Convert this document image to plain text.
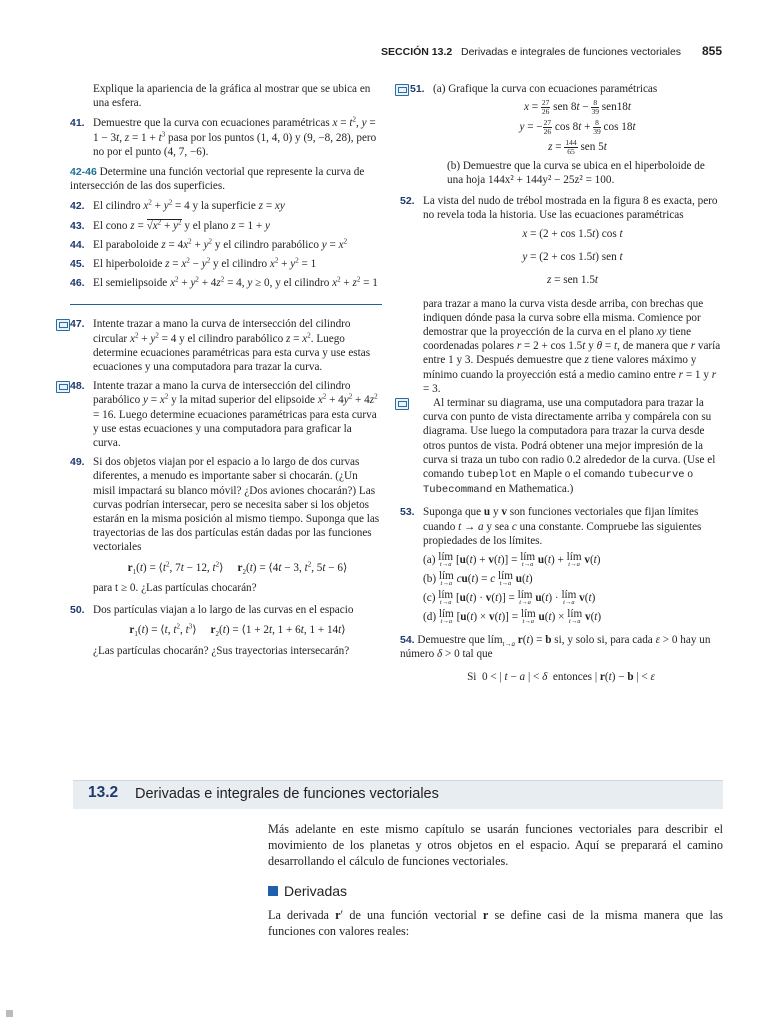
SECCIÓN 13.2 Derivadas e integrales de funciones vectoriales 855
Explique la apariencia de la gráfica al mostrar que se ubica en una esfera.
41. Demuestre que la curva con ecuaciones paramétricas $x = t^2$, y = 1 − 3t, $z = 1 + t^3$ pasa por los puntos (1, 4, 0) y (9, −8, 28), pero no por el punto (4, 7, −6).
42-46 Determine una función vectorial que represente la curva de intersección de las dos superficies.
42. El cilindro $x^2 + y^2 = 4$ y la superficie z = xy
43. El cono $z = √x^2 + y^2$ y el plano z = 1 + y
44. El paraboloide $z = 4x^2 + y^2$ y el cilindro parabólico $y = x^2$
45. El hiperboloide $z = x^2 - y^2$ y el cilindro $x^2 + y^2 = 1$
46. El semielipsoide $x^2 + y^2 + 4z^2 = 4$, y ≥ 0, y el cilindro $x^2 + z^2 = 1$
47. Intente trazar a mano la curva de intersección del cilindro circular $x^2 + y^2 = 4$ y el cilindro parabólico $z = x^2$. Luego determine ecuaciones paramétricas para esta curva y use estas ecuaciones y una computadora para trazar la curva.
48. Intente trazar a mano la curva de intersección del cilindro parabólico $y = x^2$ y la mitad superior del elipsoide $x^2 + 4y^2 + 4z^2 = 16$. Luego determine ecuaciones paramétricas para esta curva y use estas ecuaciones y una computadora para graficar la curva.
49. Si dos objetos viajan por el espacio a lo largo de dos curvas diferentes, a menudo es importante saber si chocarán. (¿Un misil impactará su blanco móvil? ¿Dos aviones chocarán?) Las curvas podrían intersecar, pero se necesita saber si los objetos estarán en la misma posición al mismo tiempo. Suponga que las trayectorias de las dos partículas están dadas por las funciones vectoriales
$r_1(t)$ = $⟨t^2$, 7t − 12, $t^2⟩$     $r_2(t)$ = ⟨4t − 3, $t^2$, 5t − 6⟩
para t ≥ 0. ¿Las partículas chocarán?
50. Dos partículas viajan a lo largo de las curvas en el espacio
$r_1(t)$ = ⟨t, $t^2$, $t^3⟩$     $r_2(t)$ = ⟨1 + 2t, 1 + 6t, 1 + 14t⟩
¿Las partículas chocarán? ¿Sus trayectorias intersecarán?
51. (a) Grafique la curva con ecuaciones paramétricas
$x = \frac{27}{26}$ sen $8t - \frac{8}{39} sen18t$
y = − $\frac{27}{26}$ $\cos 8t + \frac{8}{39}$ cos 18t
$z = \frac{144}{65}$ sen 5t
(b) Demuestre que la curva se ubica en el hiperboloide de una hoja 144x² + 144y² − 25z² = 100.
52. La vista del nudo de trébol mostrada en la figura 8 es exacta, pero no revela toda la historia. Use las ecuaciones paramétricas
x = (2 + cos 1.5t) cos t
y = (2 + cos 1.5t) sen t
z = sen 1.5t
para trazar a mano la curva vista desde arriba, con brechas que indiquen dónde pasa la curva sobre ella misma. Comience por demostrar que la proyección de la curva en el plano xy tiene coordenadas polares r = 2 + cos 1.5t y θ = t, de manera que r varía entre 1 y 3. Después demuestre que z tiene valores máximo y mínimo cuando la proyección está a medio camino entre r = 1 y r = 3.
Al terminar su diagrama, use una computadora para trazar la curva con punto de vista directamente arriba y compárela con su diagrama. Use luego la computadora para trazar la curva desde otros puntos de vista. Podrá obtener una mejor impresión de la curva si traza un tubo con radio 0.2 alrededor de la curva. (Use el comando tubeplot en Maple o el comando tubecurve o Tubecommand en Mathematica.)
53. Suponga que u y v son funciones vectoriales que fijan límites cuando t → a y sea c una constante. Compruebe las siguientes propiedades de los límites.
(a) lím
t→a [u(t) + v(t)] = lím
t→a u(t) + lím
t→a v(t)
(b) lím
t→a cu(t) = c lím
t→a u(t)
(c) lím
t→a [u(t) · v(t)] = lím
t→a u(t) · lím
t→a v(t)
(d) lím
t→a [u(t) × v(t)] = lím
t→a u(t) × lím
t→a v(t)
54. Demuestre que lím$_{t\to a}$ r(t) = b si, y solo si, para cada ε > 0 hay un número δ > 0 tal que
Si  0 < | t − a | < δ  entonces | r(t) − b | < ε
13.2 Derivadas e integrales de funciones vectoriales
Más adelante en este mismo capítulo se usarán funciones vectoriales para describir el movimiento de los planetas y otros objetos en el espacio. Aquí se preparará el camino desarrollando el cálculo de funciones vectoriales.
Derivadas
La derivada r′ de una función vectorial r se define casi de la misma manera que las funciones con valores reales:
